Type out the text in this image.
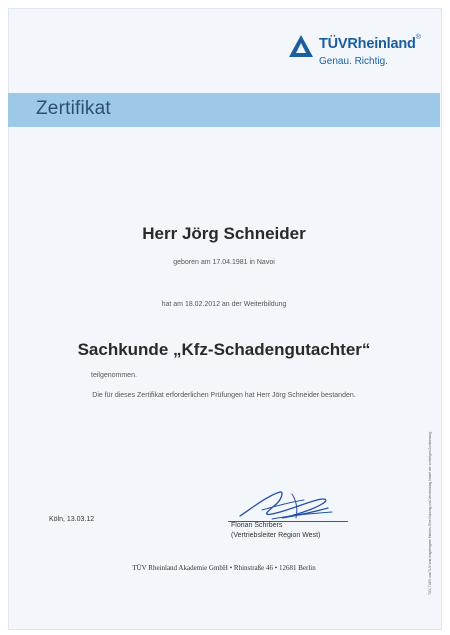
TÜVRheinland®
Genau. Richtig.
Zertifikat
Herr Jörg Schneider
geboren am 17.04.1981 in Navoi
hat am 18.02.2012 an der Weiterbildung
Sachkunde „Kfz-Schadengutachter“
teilgenommen.
Die für dieses Zertifikat erforderlichen Prüfungen hat Herr Jörg Schneider bestanden.
Köln, 13.03.12
Florian Schrbers
(Vertriebsleiter Region West)
TÜV Rheinland Akademie GmbH • Rhinstraße 46 • 12681 Berlin	TÜV, TUEV und TUV sind eingetragene Marken. Eine Nutzung und Verwendung bedarf der vorherigen Zustimmung.
